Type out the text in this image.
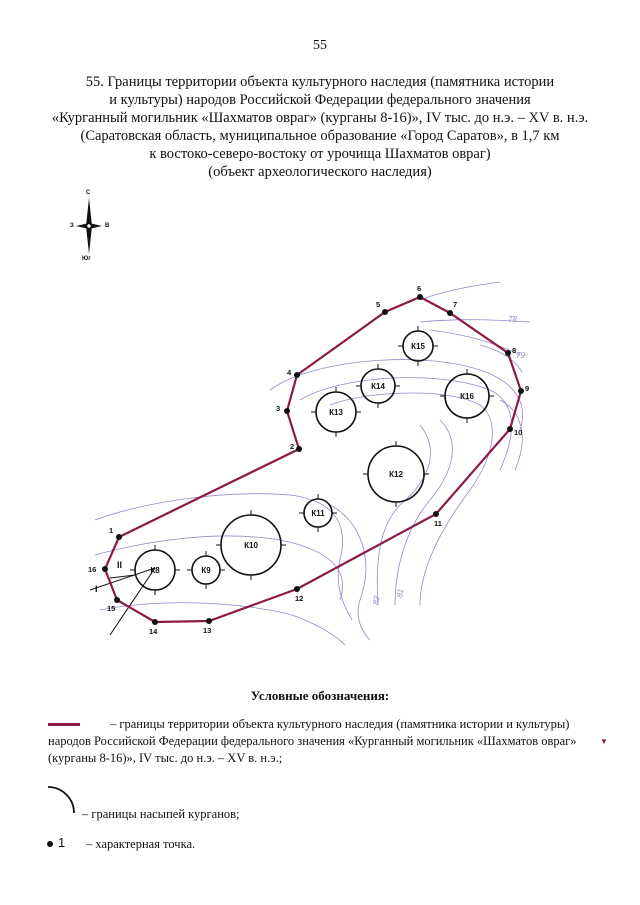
55
55. Границы территории объекта культурного наследия (памятника истории
и культуры) народов Российской Федерации федерального значения
«Курганный могильник «Шахматов овраг» (курганы 8-16)», IV тыс. до н.э. – XV в. н.э.
(Саратовская область, муниципальное образование «Город Саратов», в 1,7 км
к востоко-северо-востоку от урочища Шахматов овраг)
(объект археологического наследия)
С
З	В
Юг
К8	К9
К10
К11
К12
К13
К14
К15
К16
II
I
1
2
3
4
5
6
7
8
9
10
11
12
13
14
15
16
78
79
82
81
Условные обозначения:
– границы территории объекта культурного наследия (памятника истории и культуры) народов Российской Федерации федерального значения «Курганный могильник «Шахматов овраг» (курганы 8-16)», IV тыс. до н.э. – XV в. н.э.;
▼
– границы насыпей курганов;
1 – характерная точка.
